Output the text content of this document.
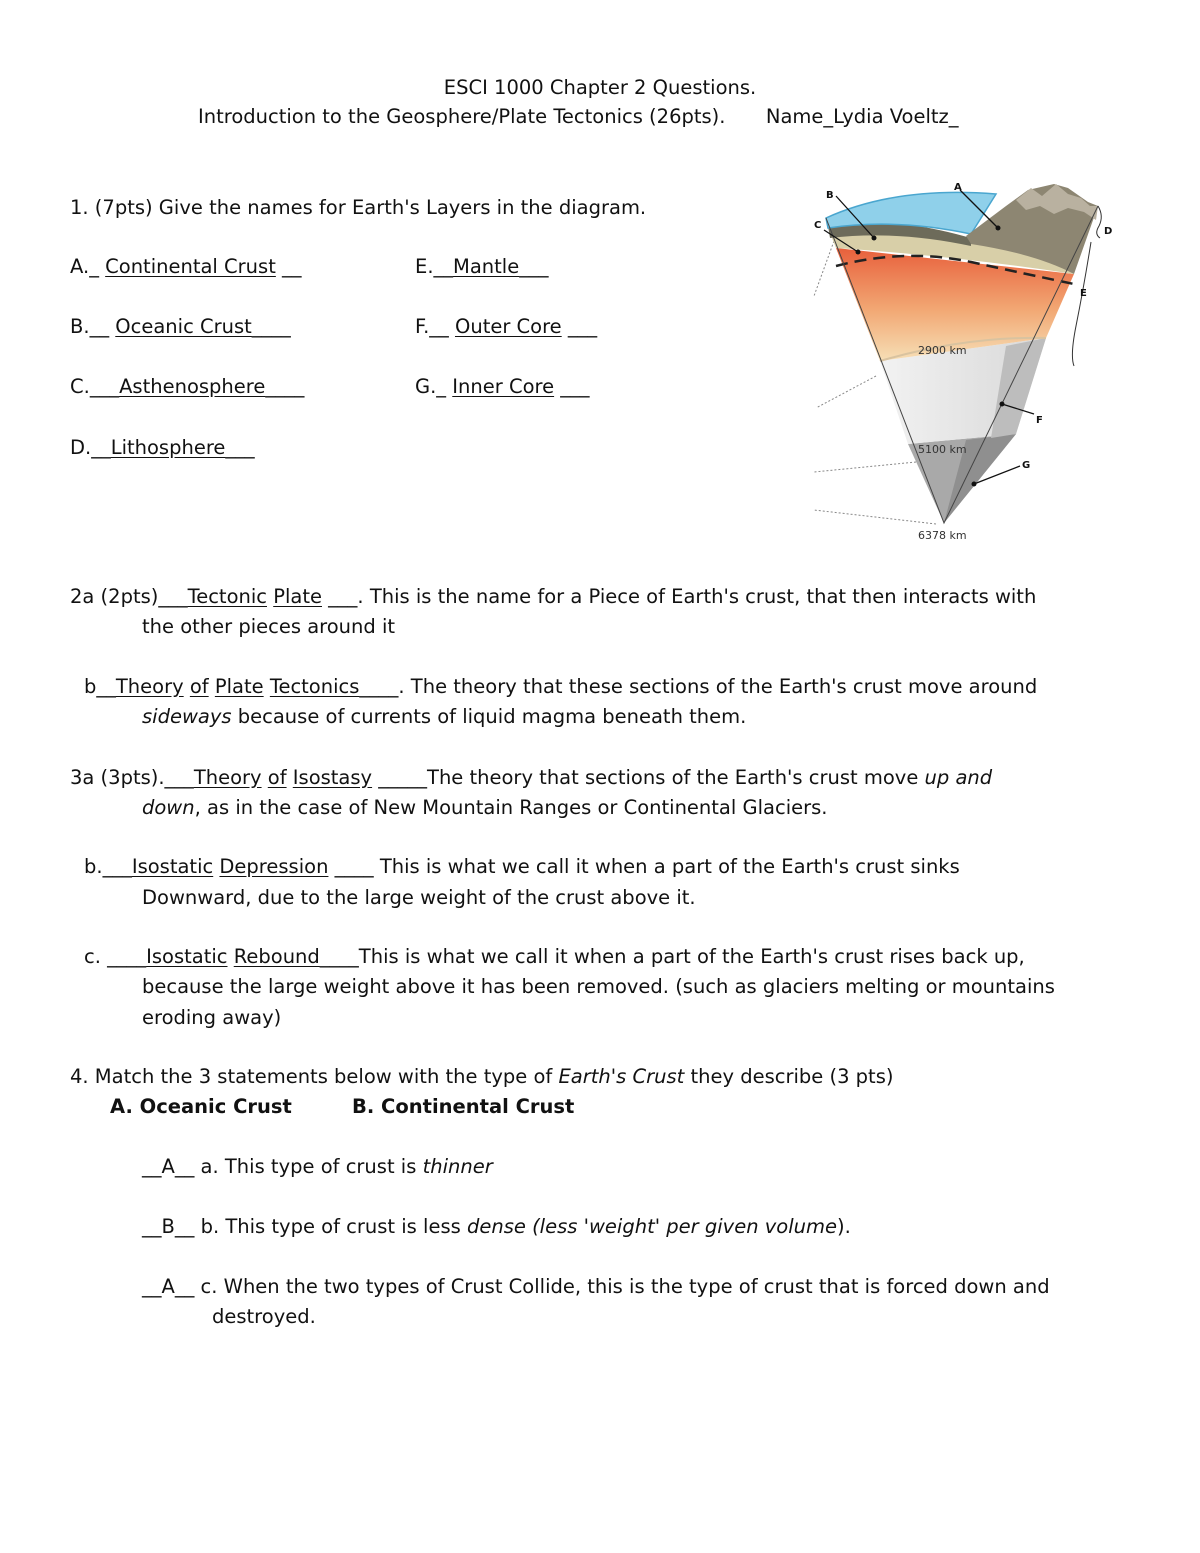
ESCI 1000 Chapter 2 Questions.
Introduction to the Geosphere/Plate Tectonics (26pts). Name_Lydia Voeltz_
1. (7pts) Give the names for Earth's Layers in the diagram.
A._ Continental Crust __	E.__Mantle___
B.__ Oceanic Crust____	F.__ Outer Core ___
C.___Asthenosphere____	G._ Inner Core ___
D.__Lithosphere___
A
B
C
D
E
F
G
2900 km
5100 km
6378 km
2a (2pts)___Tectonic Plate ___. This is the name for a Piece of Earth's crust, that then interacts with
the other pieces around it
b__Theory of Plate Tectonics____. The theory that these sections of the Earth's crust move around
sideways because of currents of liquid magma beneath them.
3a (3pts).___Theory of Isostasy _____The theory that sections of the Earth's crust move up and
down, as in the case of New Mountain Ranges or Continental Glaciers.
b.___Isostatic Depression ____ This is what we call it when a part of the Earth's crust sinks
Downward, due to the large weight of the crust above it.
c. ____Isostatic Rebound____This is what we call it when a part of the Earth's crust rises back up,
because the large weight above it has been removed. (such as glaciers melting or mountains
eroding away)
4. Match the 3 statements below with the type of Earth's Crust they describe (3 pts)
A. Oceanic Crust	B. Continental Crust
__A__ a. This type of crust is thinner
__B__ b. This type of crust is less dense (less 'weight' per given volume).
__A__ c. When the two types of Crust Collide, this is the type of crust that is forced down and
destroyed.
